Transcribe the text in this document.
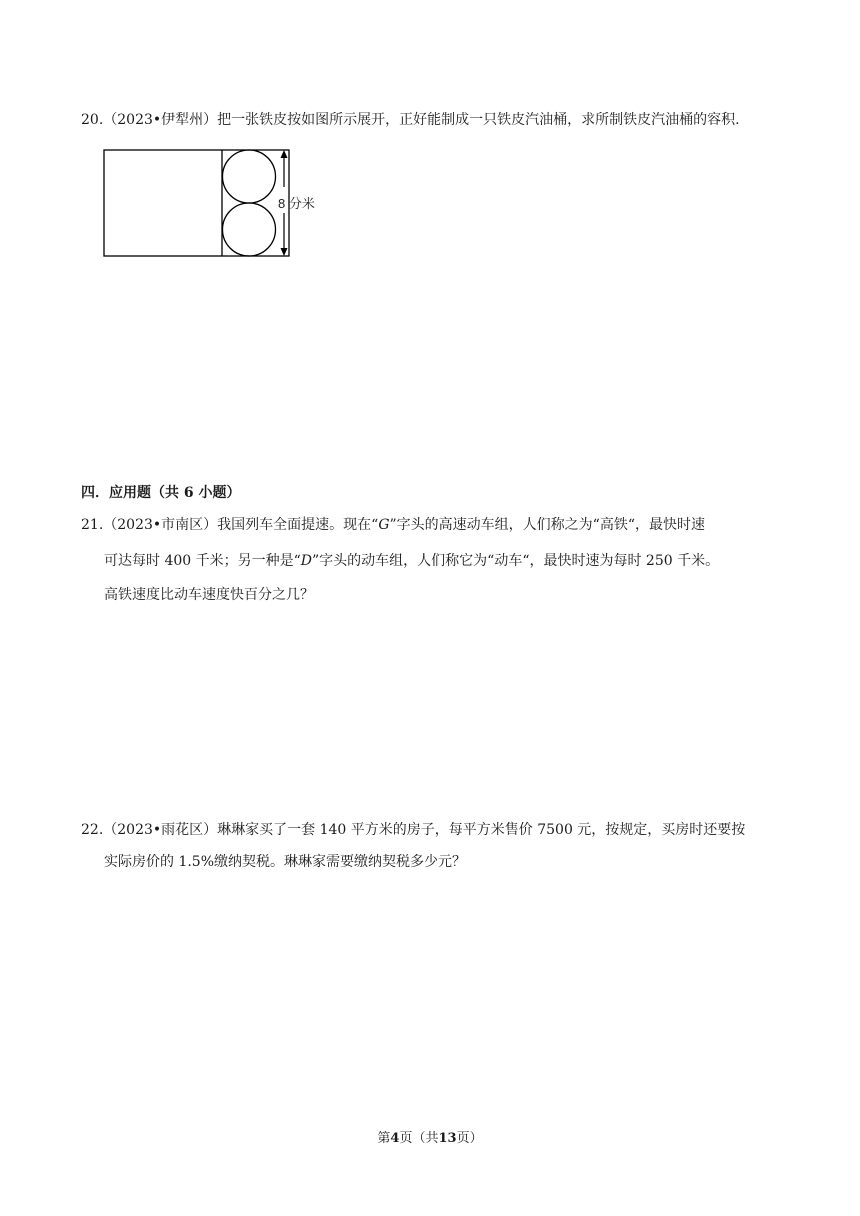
20.（2023•伊犁州）把一张铁皮按如图所示展开，正好能制成一只铁皮汽油桶，求所制铁皮汽油桶的容积.
8 分米
四．应用题（共 6 小题）
21.（2023•市南区）我国列车全面提速。现在“G”字头的高速动车组，人们称之为“高铁“，最快时速
可达每时 400 千米；另一种是“D”字头的动车组，人们称它为“动车“，最快时速为每时 250 千米。
高铁速度比动车速度快百分之几？
22.（2023•雨花区）琳琳家买了一套 140 平方米的房子，每平方米售价 7500 元，按规定，买房时还要按
实际房价的 1.5%缴纳契税。琳琳家需要缴纳契税多少元？
第4页（共13页）
